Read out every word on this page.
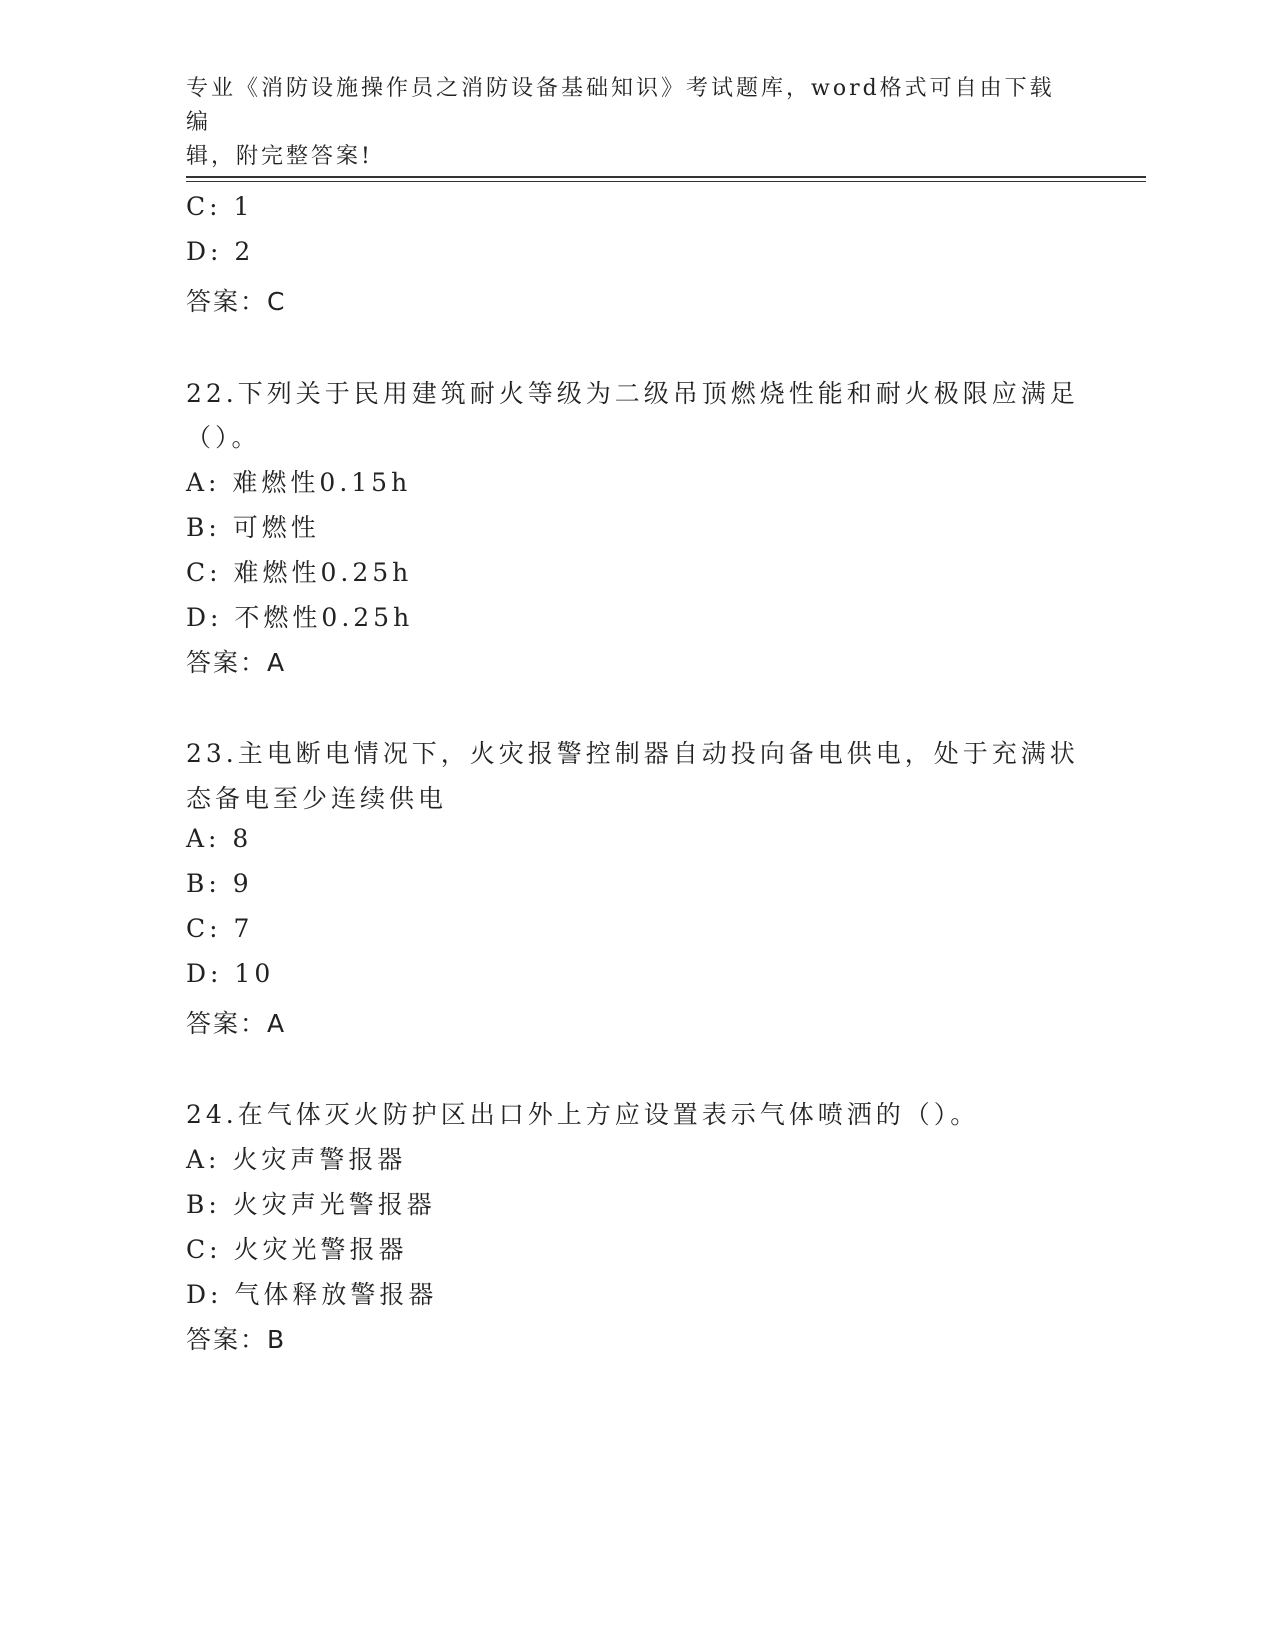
专业《消防设施操作员之消防设备基础知识》考试题库，word格式可自由下载编
辑，附完整答案!
C: 1
D: 2
答案：C
22.下列关于民用建筑耐火等级为二级吊顶燃烧性能和耐火极限应满足
（）。
A: 难燃性0.15h
B: 可燃性
C: 难燃性0.25h
D: 不燃性0.25h
答案：A
23.主电断电情况下，火灾报警控制器自动投向备电供电，处于充满状
态备电至少连续供电
A: 8
B: 9
C: 7
D: 10
答案：A
24.在气体灭火防护区出口外上方应设置表示气体喷洒的（）。
A: 火灾声警报器
B: 火灾声光警报器
C: 火灾光警报器
D: 气体释放警报器
答案：B
